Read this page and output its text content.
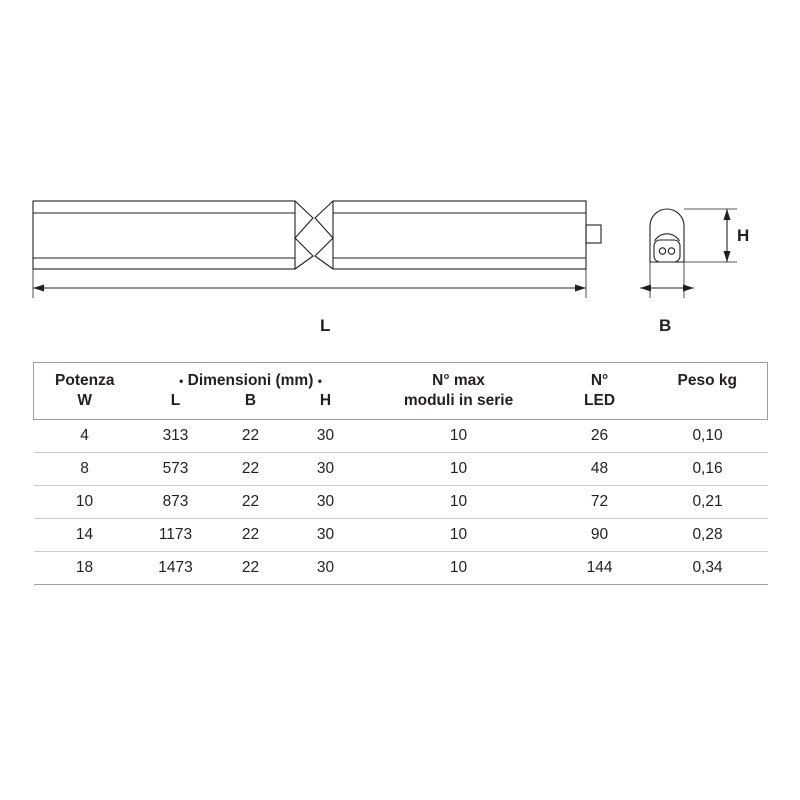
L	B
H
Potenza	• Dimensioni (mm) •			N° max	N°	Peso kg
W	L	B	H	moduli in serie	LED	
4	313	22	30	10	26	0,10
8	573	22	30	10	48	0,16
10	873	22	30	10	72	0,21
14	1173	22	30	10	90	0,28
18	1473	22	30	10	144	0,34
